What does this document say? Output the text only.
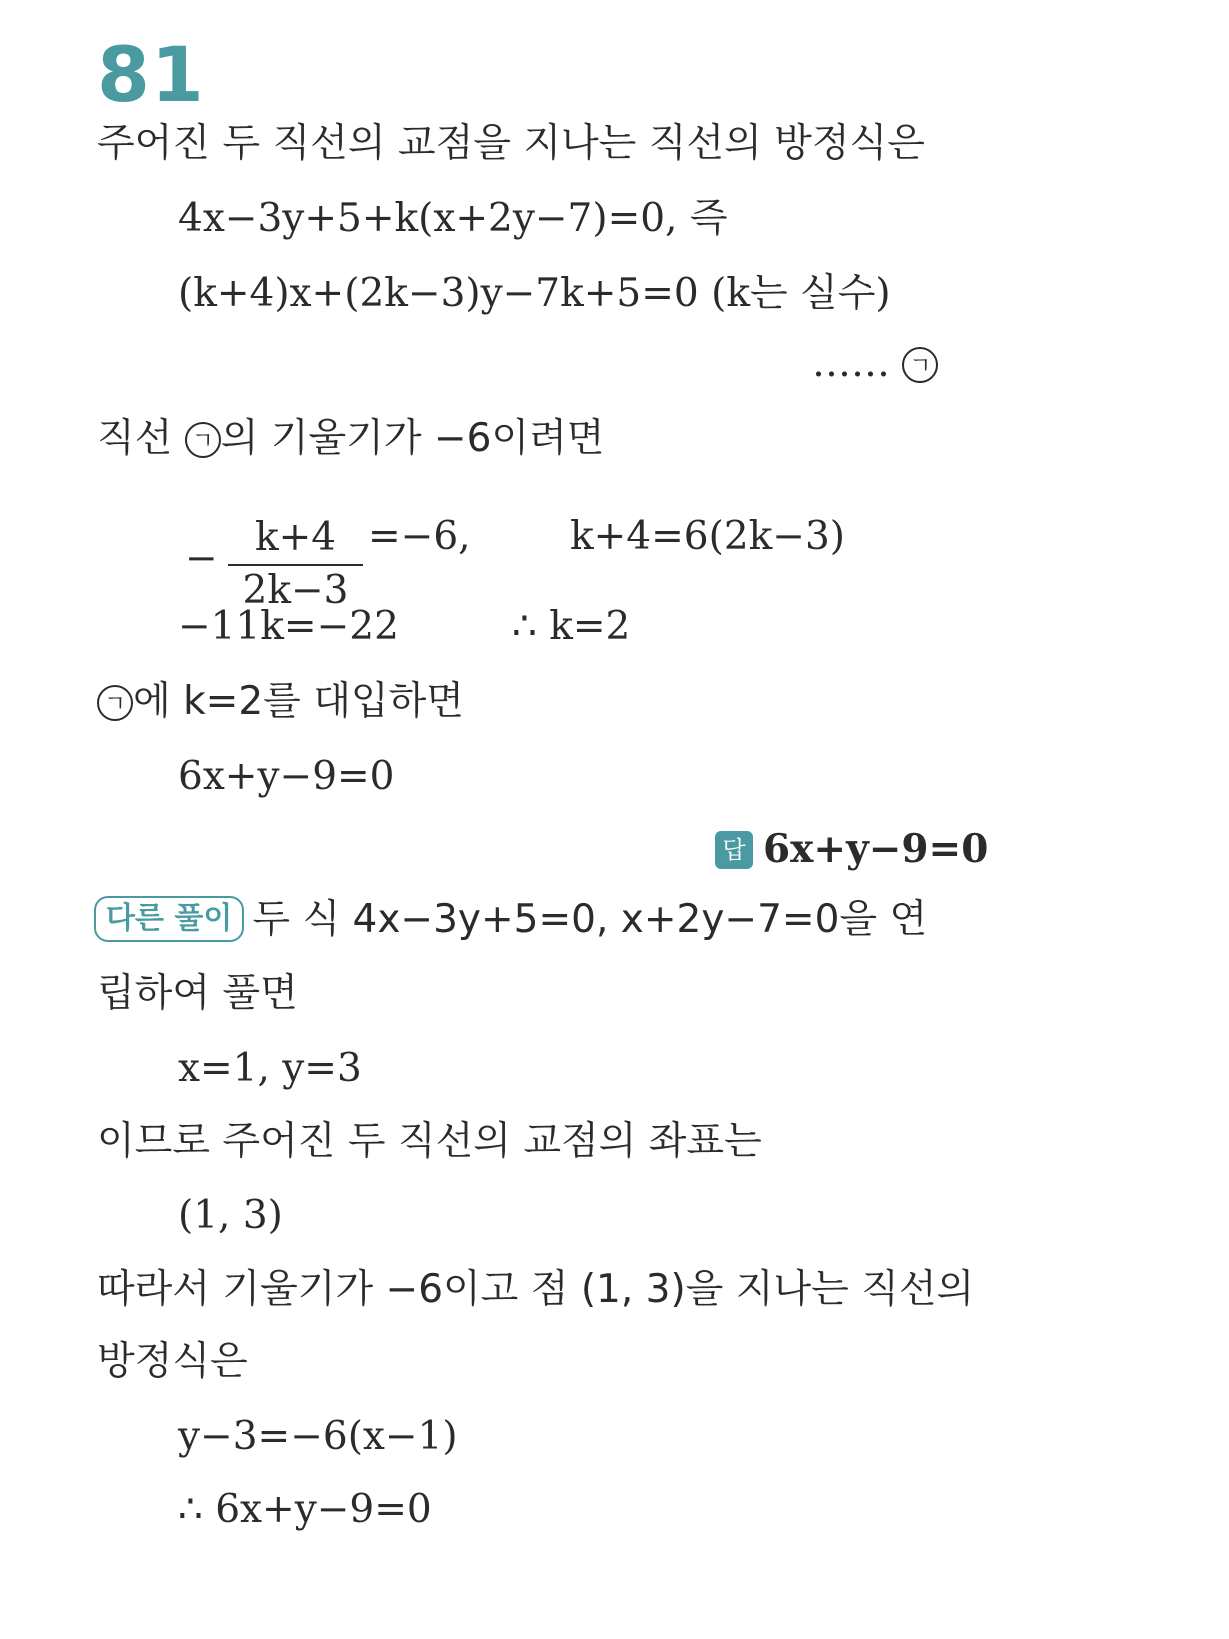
81
주어진 두 직선의 교점을 지나는 직선의 방정식은
4x−3y+5+k(x+2y−7)=0, 즉
(k+4)x+(2k−3)y−7k+5=0 (k는 실수)
…… ㄱ
직선 ㄱ 의 기울기가 −6이려면
− k+4
2k−3
=−6,	k+4=6(2k−3)
−11k=−22	∴ k=2
ㄱ 에 k=2를 대입하면
6x+y−9=0
답 6x+y−9=0
다른 풀이 두 식 4x−3y+5=0, x+2y−7=0을 연
립하여 풀면
x=1, y=3
이므로 주어진 두 직선의 교점의 좌표는
(1, 3)
따라서 기울기가 −6이고 점 (1, 3)을 지나는 직선의
방정식은
y−3=−6(x−1)
∴ 6x+y−9=0
